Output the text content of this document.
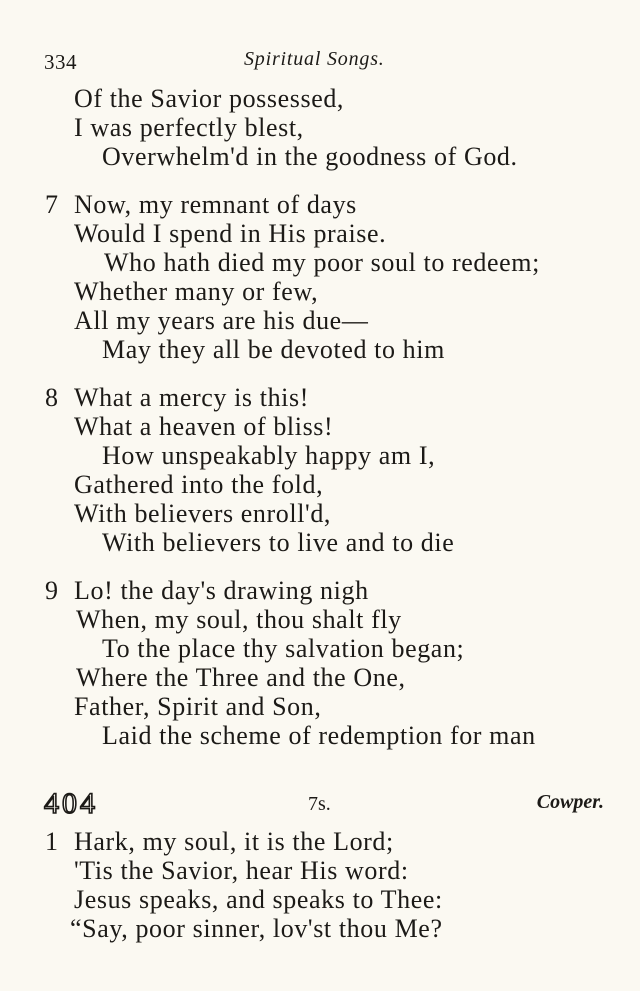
334	Spiritual Songs.
Of the Savior possessed,
I was perfectly blest,
Overwhelm'd in the goodness of God.
7 Now, my remnant of days
Would I spend in His praise.
Who hath died my poor soul to redeem;
Whether many or few,
All my years are his due—
May they all be devoted to him
8 What a mercy is this!
What a heaven of bliss!
How unspeakably happy am I,
Gathered into the fold,
With believers enroll'd,
With believers to live and to die
9 Lo! the day's drawing nigh
When, my soul, thou shalt fly
To the place thy salvation began;
Where the Three and the One,
Father, Spirit and Son,
Laid the scheme of redemption for man
404	7s.	Cowper.
1 Hark, my soul, it is the Lord;
'Tis the Savior, hear His word:
Jesus speaks, and speaks to Thee:
“Say, poor sinner, lov'st thou Me?
